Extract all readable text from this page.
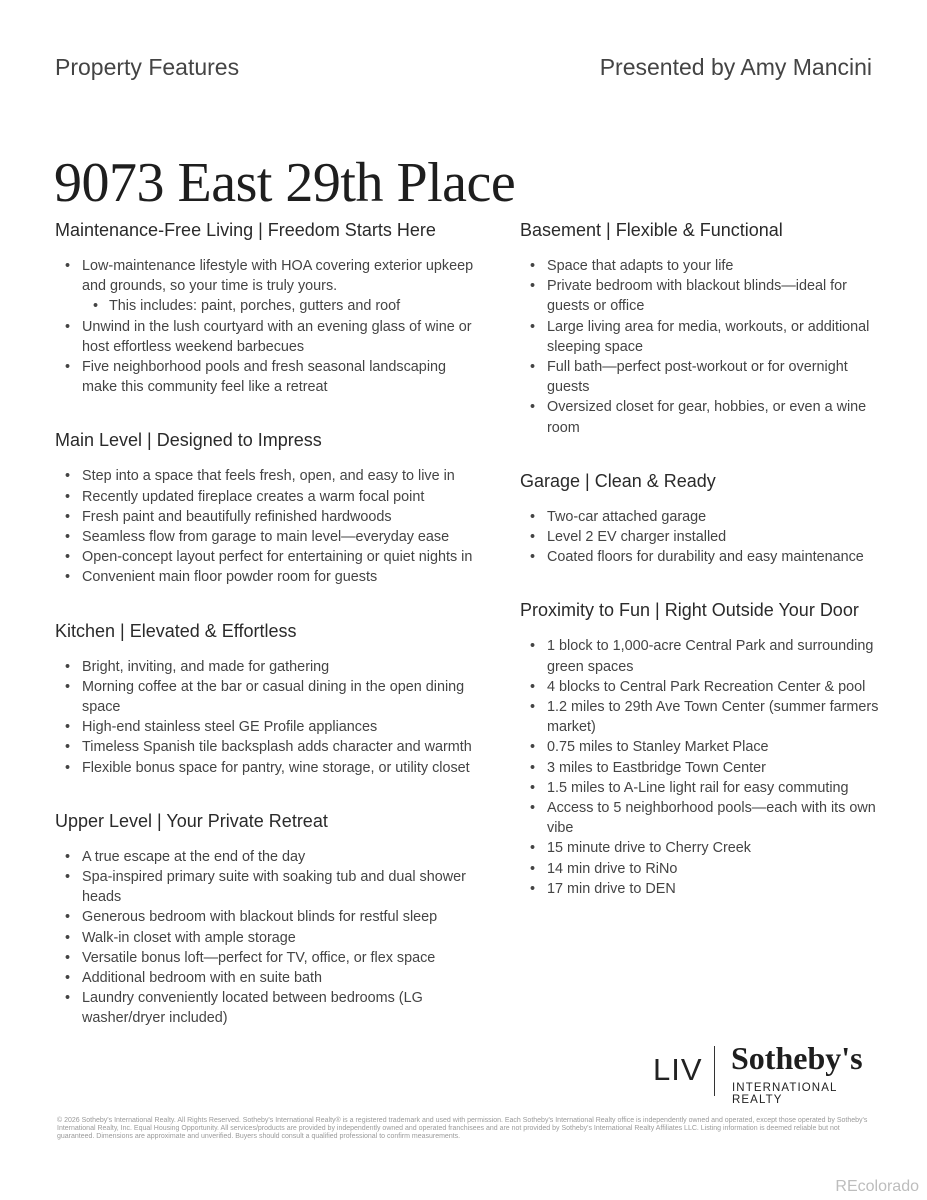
Property Features	Presented by Amy Mancini
9073 East 29th Place
Maintenance-Free Living | Freedom Starts Here
• Low-maintenance lifestyle with HOA covering exterior upkeep and grounds, so your time is truly yours.
• This includes: paint, porches, gutters and roof
• Unwind in the lush courtyard with an evening glass of wine or host effortless weekend barbecues
• Five neighborhood pools and fresh seasonal landscaping make this community feel like a retreat
Main Level | Designed to Impress
• Step into a space that feels fresh, open, and easy to live in
• Recently updated fireplace creates a warm focal point
• Fresh paint and beautifully refinished hardwoods
• Seamless flow from garage to main level—everyday ease
• Open-concept layout perfect for entertaining or quiet nights in
• Convenient main floor powder room for guests
Kitchen | Elevated & Effortless
• Bright, inviting, and made for gathering
• Morning coffee at the bar or casual dining in the open dining space
• High-end stainless steel GE Profile appliances
• Timeless Spanish tile backsplash adds character and warmth
• Flexible bonus space for pantry, wine storage, or utility closet
Upper Level | Your Private Retreat
• A true escape at the end of the day
• Spa-inspired primary suite with soaking tub and dual shower heads
• Generous bedroom with blackout blinds for restful sleep
• Walk-in closet with ample storage
• Versatile bonus loft—perfect for TV, office, or flex space
• Additional bedroom with en suite bath
• Laundry conveniently located between bedrooms (LG washer/dryer included)
Basement | Flexible & Functional
• Space that adapts to your life
• Private bedroom with blackout blinds—ideal for guests or office
• Large living area for media, workouts, or additional sleeping space
• Full bath—perfect post-workout or for overnight guests
• Oversized closet for gear, hobbies, or even a wine room
Garage | Clean & Ready
• Two-car attached garage
• Level 2 EV charger installed
• Coated floors for durability and easy maintenance
Proximity to Fun | Right Outside Your Door
• 1 block to 1,000-acre Central Park and surrounding green spaces
• 4 blocks to Central Park Recreation Center & pool
• 1.2 miles to 29th Ave Town Center (summer farmers market)
• 0.75 miles to Stanley Market Place
• 3 miles to Eastbridge Town Center
• 1.5 miles to A-Line light rail for easy commuting
• Access to 5 neighborhood pools—each with its own vibe
• 15 minute drive to Cherry Creek
• 14 min drive to RiNo
• 17 min drive to DEN
LIV Sotheby's
INTERNATIONAL REALTY
© 2026 Sotheby's International Realty. All Rights Reserved. Sotheby's International Realty® is a registered trademark and used with permission. Each Sotheby's International Realty office is independently owned and operated, except those operated by Sotheby's International Realty, Inc. Equal Housing Opportunity. All services/products are provided by independently owned and operated franchisees and are not provided by Sotheby's International Realty Affiliates LLC. Listing information is deemed reliable but not guaranteed. Dimensions are approximate and unverified. Buyers should consult a qualified professional to confirm measurements.
REcolorado
